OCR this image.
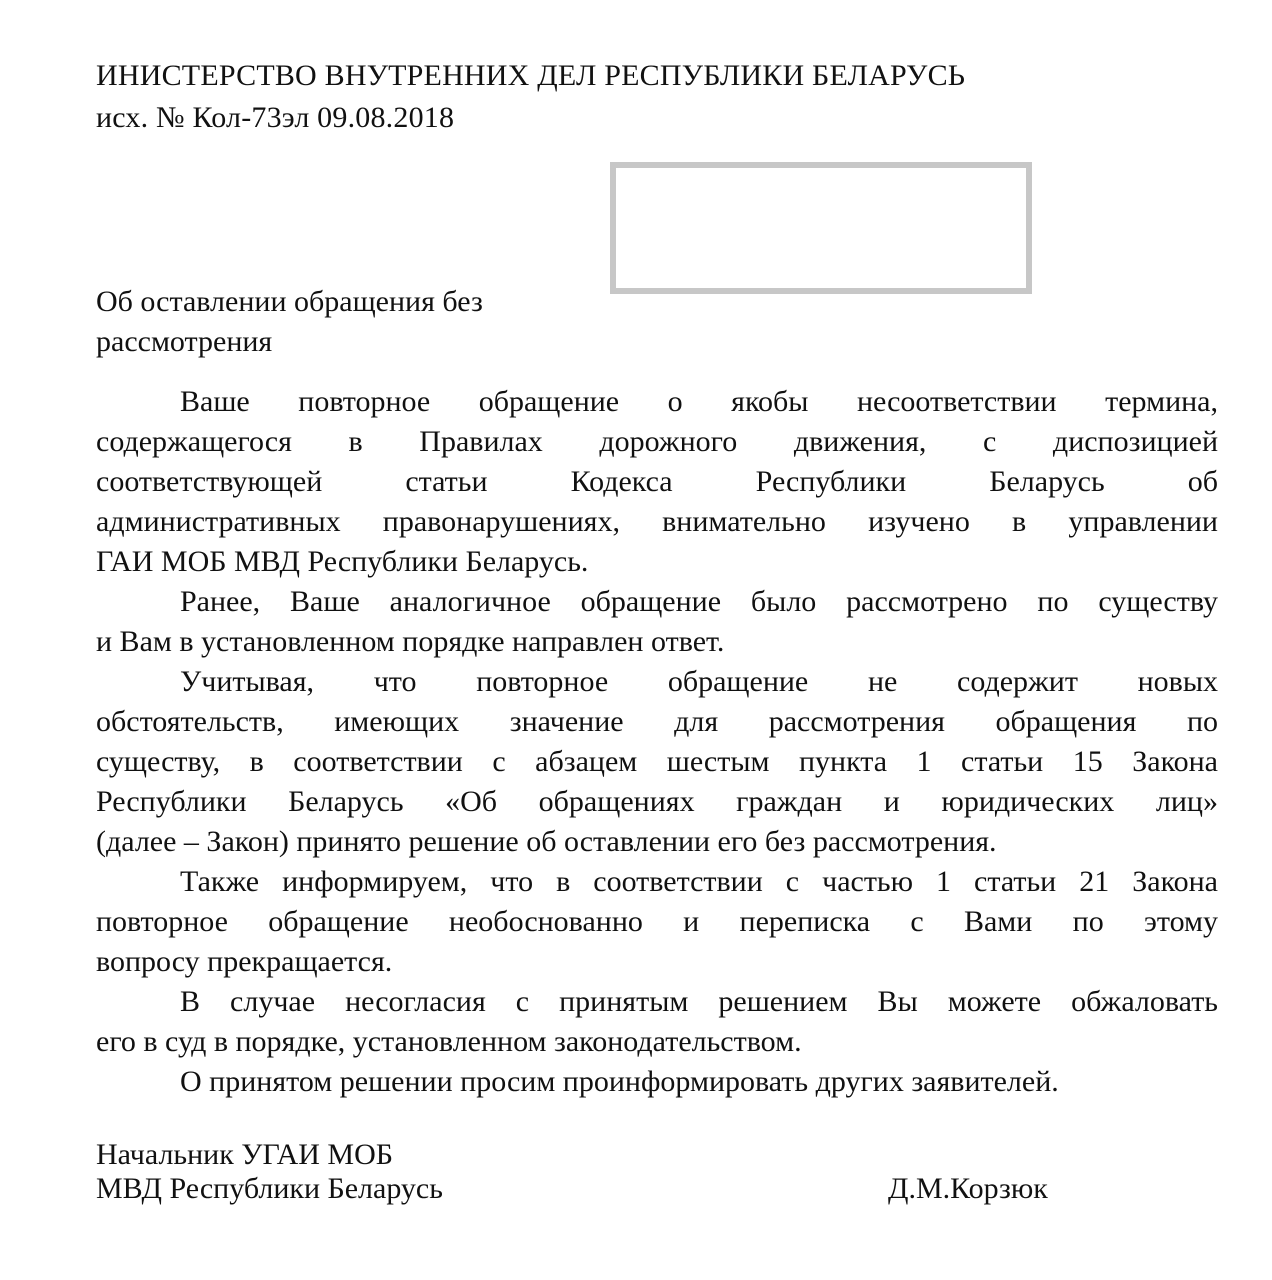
ИНИСТЕРСТВО ВНУТРЕННИХ ДЕЛ РЕСПУБЛИКИ БЕЛАРУСЬ
исх. № Кол-73эл 09.08.2018
Об оставлении обращения без
рассмотрения
Ваше повторное обращение о якобы несоответствии термина,
содержащегося в Правилах дорожного движения, с диспозицией
соответствующей статьи Кодекса Республики Беларусь об
административных правонарушениях, внимательно изучено в управлении
ГАИ МОБ МВД Республики Беларусь.
Ранее, Ваше аналогичное обращение было рассмотрено по существу
и Вам в установленном порядке направлен ответ.
Учитывая, что повторное обращение не содержит новых
обстоятельств, имеющих значение для рассмотрения обращения по
существу, в соответствии с абзацем шестым пункта 1 статьи 15 Закона
Республики Беларусь «Об обращениях граждан и юридических лиц»
(далее – Закон) принято решение об оставлении его без рассмотрения.
Также информируем, что в соответствии с частью 1 статьи 21 Закона
повторное обращение необоснованно и переписка с Вами по этому
вопросу прекращается.
В случае несогласия с принятым решением Вы можете обжаловать
его в суд в порядке, установленном законодательством.
О принятом решении просим проинформировать других заявителей.
Начальник УГАИ МОБ
МВД Республики Беларусь	Д.М.Корзюк
